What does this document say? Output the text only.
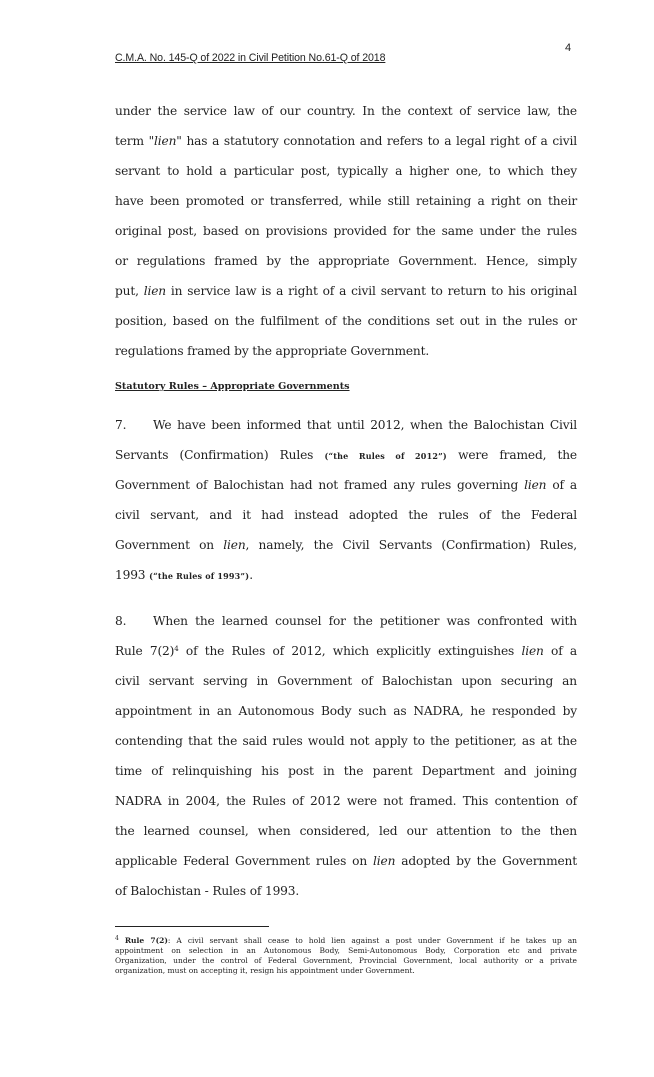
4
C.M.A. No. 145-Q of 2022 in Civil Petition No.61-Q of 2018
under the service law of our country. In the context of service law, the
term "lien" has a statutory connotation and refers to a legal right of a civil
servant to hold a particular post, typically a higher one, to which they
have been promoted or transferred, while still retaining a right on their
original post, based on provisions provided for the same under the rules
or regulations framed by the appropriate Government. Hence, simply
put, lien in service law is a right of a civil servant to return to his original
position, based on the fulfilment of the conditions set out in the rules or
regulations framed by the appropriate Government.
Statutory Rules – Appropriate Governments
7. We have been informed that until 2012, when the Balochistan Civil
Servants (Confirmation) Rules (“the Rules of 2012”) were framed, the
Government of Balochistan had not framed any rules governing lien of a
civil servant, and it had instead adopted the rules of the Federal
Government on lien, namely, the Civil Servants (Confirmation) Rules,
1993 (“the Rules of 1993”).
8. When the learned counsel for the petitioner was confronted with
Rule $7(2)^4$ of the Rules of 2012, which explicitly extinguishes lien of a
civil servant serving in Government of Balochistan upon securing an
appointment in an Autonomous Body such as NADRA, he responded by
contending that the said rules would not apply to the petitioner, as at the
time of relinquishing his post in the parent Department and joining
NADRA in 2004, the Rules of 2012 were not framed. This contention of
the learned counsel, when considered, led our attention to the then
applicable Federal Government rules on lien adopted by the Government
of Balochistan - Rules of 1993.
$^4$ Rule 7(2): A civil servant shall cease to hold lien against a post under Government if he takes up an
appointment on selection in an Autonomous Body, Semi-Autonomous Body, Corporation etc and private
Organization, under the control of Federal Government, Provincial Government, local authority or a private
organization, must on accepting it, resign his appointment under Government.
